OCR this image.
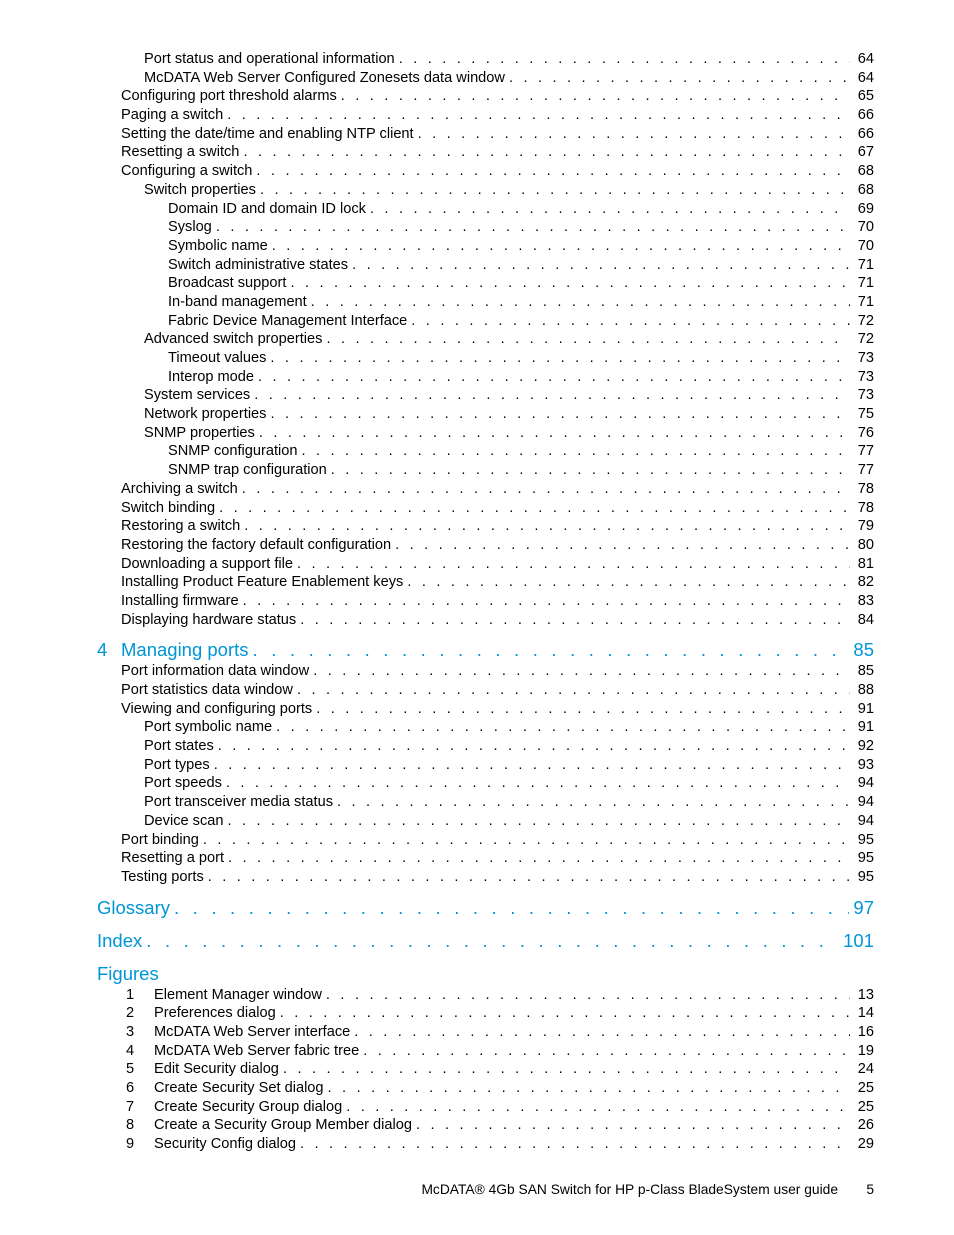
Port status and operational information . . .	64
McDATA Web Server Configured Zonesets data window . . .	64
Configuring port threshold alarms . . .	65
Paging a switch . . .	66
Setting the date/time and enabling NTP client . . .	66
Resetting a switch . . .	67
Configuring a switch . . .	68
Switch properties . . .	68
Domain ID and domain ID lock . . .	69
Syslog . . .	70
Symbolic name . . .	70
Switch administrative states . . .	71
Broadcast support . . .	71
In-band management . . .	71
Fabric Device Management Interface . . .	72
Advanced switch properties . . .	72
Timeout values . . .	73
Interop mode . . .	73
System services . . .	73
Network properties . . .	75
SNMP properties . . .	76
SNMP configuration . . .	77
SNMP trap configuration . . .	77
Archiving a switch . . .	78
Switch binding . . .	78
Restoring a switch . . .	79
Restoring the factory default configuration . . .	80
Downloading a support file . . .	81
Installing Product Feature Enablement keys . . .	82
Installing firmware . . .	83
Displaying hardware status . . .	84
4 Managing ports . . .	85
Port information data window . . .	85
Port statistics data window . . .	88
Viewing and configuring ports . . .	91
Port symbolic name . . .	91
Port states . . .	92
Port types . . .	93
Port speeds . . .	94
Port transceiver media status . . .	94
Device scan . . .	94
Port binding . . .	95
Resetting a port . . .	95
Testing ports . . .	95
Glossary . . .	97
Index . . .	101
Figures
1 Element Manager window . . .	13
2 Preferences dialog . . .	14
3 McDATA Web Server interface . . .	16
4 McDATA Web Server fabric tree . . .	19
5 Edit Security dialog . . .	24
6 Create Security Set dialog . . .	25
7 Create Security Group dialog . . .	25
8 Create a Security Group Member dialog . . .	26
9 Security Config dialog . . .	29
McDATA® 4Gb SAN Switch for HP p-Class BladeSystem user guide 5
